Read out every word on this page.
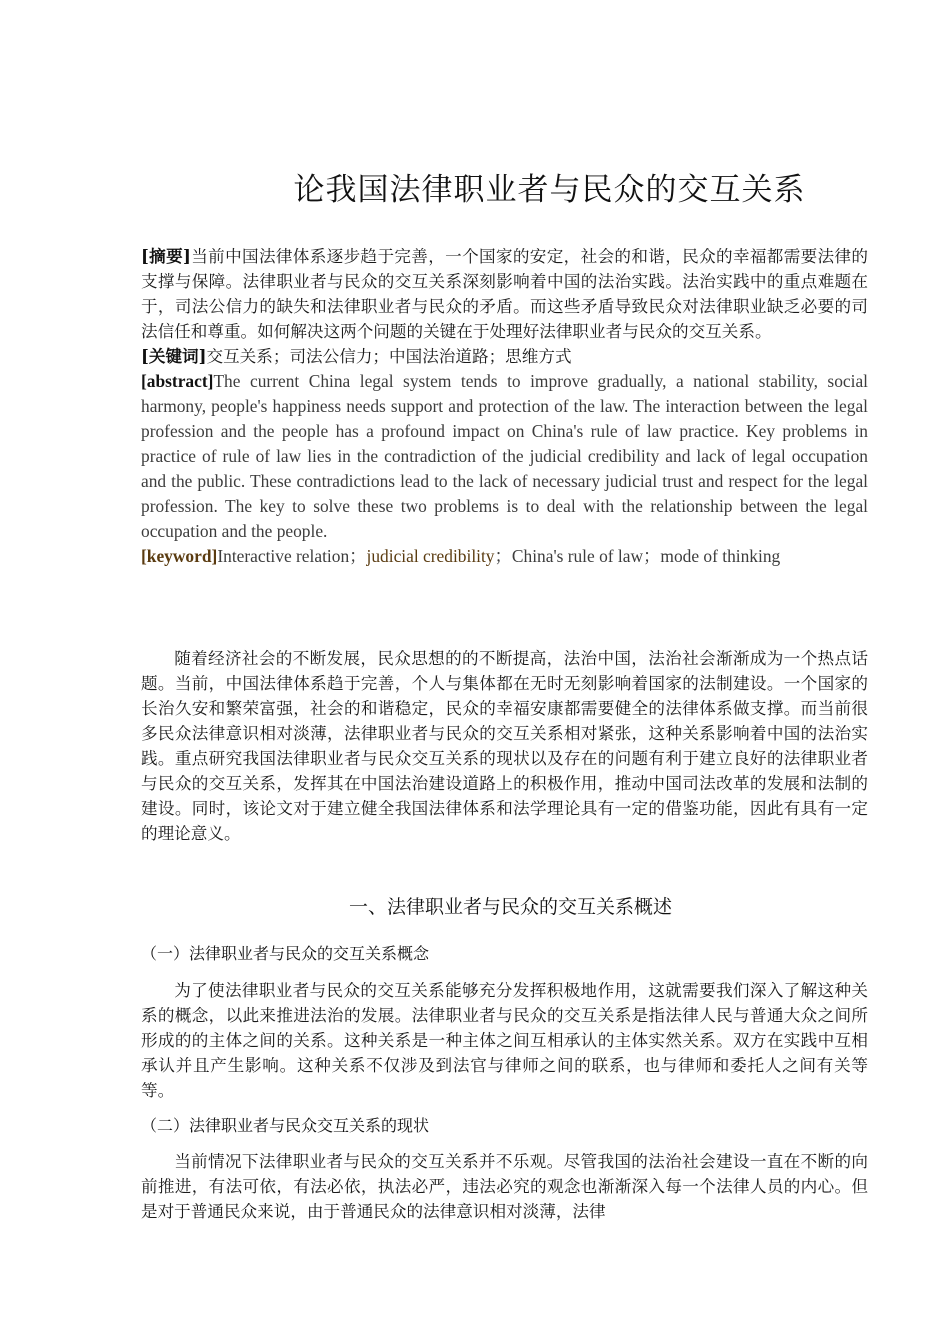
论我国法律职业者与民众的交互关系

[摘要]当前中国法律体系逐步趋于完善，一个国家的安定，社会的和谐，民众的幸福都需要法律的支撑与保障。法律职业者与民众的交互关系深刻影响着中国的法治实践。法治实践中的重点难题在于，司法公信力的缺失和法律职业者与民众的矛盾。而这些矛盾导致民众对法律职业缺乏必要的司法信任和尊重。如何解决这两个问题的关键在于处理好法律职业者与民众的交互关系。

[关键词]交互关系；司法公信力；中国法治道路；思维方式

[abstract]The current China legal system tends to improve gradually, a national stability, social harmony, people's happiness needs support and protection of the law. The interaction between the legal profession and the people has a profound impact on China's rule of law practice. Key problems in practice of rule of law lies in the contradiction of the judicial credibility and lack of legal occupation and the public. These contradictions lead to the lack of necessary judicial trust and respect for the legal profession. The key to solve these two problems is to deal with the relationship between the legal occupation and the people.

[keyword]Interactive relation；judicial credibility；China's rule of law；mode of thinking

随着经济社会的不断发展，民众思想的的不断提高，法治中国，法治社会渐渐成为一个热点话题。当前，中国法律体系趋于完善，个人与集体都在无时无刻影响着国家的法制建设。一个国家的长治久安和繁荣富强，社会的和谐稳定，民众的幸福安康都需要健全的法律体系做支撑。而当前很多民众法律意识相对淡薄，法律职业者与民众的交互关系相对紧张，这种关系影响着中国的法治实践。重点研究我国法律职业者与民众交互关系的现状以及存在的问题有利于建立良好的法律职业者与民众的交互关系，发挥其在中国法治建设道路上的积极作用，推动中国司法改革的发展和法制的建设。同时，该论文对于建立健全我国法律体系和法学理论具有一定的借鉴功能，因此有具有一定的理论意义。

一、法律职业者与民众的交互关系概述
（一）法律职业者与民众的交互关系概念

为了使法律职业者与民众的交互关系能够充分发挥积极地作用，这就需要我们深入了解这种关系的概念，以此来推进法治的发展。法律职业者与民众的交互关系是指法律人民与普通大众之间所形成的的主体之间的关系。这种关系是一种主体之间互相承认的主体实然关系。双方在实践中互相承认并且产生影响。这种关系不仅涉及到法官与律师之间的联系，也与律师和委托人之间有关等等。

（二）法律职业者与民众交互关系的现状

当前情况下法律职业者与民众的交互关系并不乐观。尽管我国的法治社会建设一直在不断的向前推进，有法可依，有法必依，执法必严，违法必究的观念也渐渐深入每一个法律人员的内心。但是对于普通民众来说，由于普通民众的法律意识相对淡薄，法律
